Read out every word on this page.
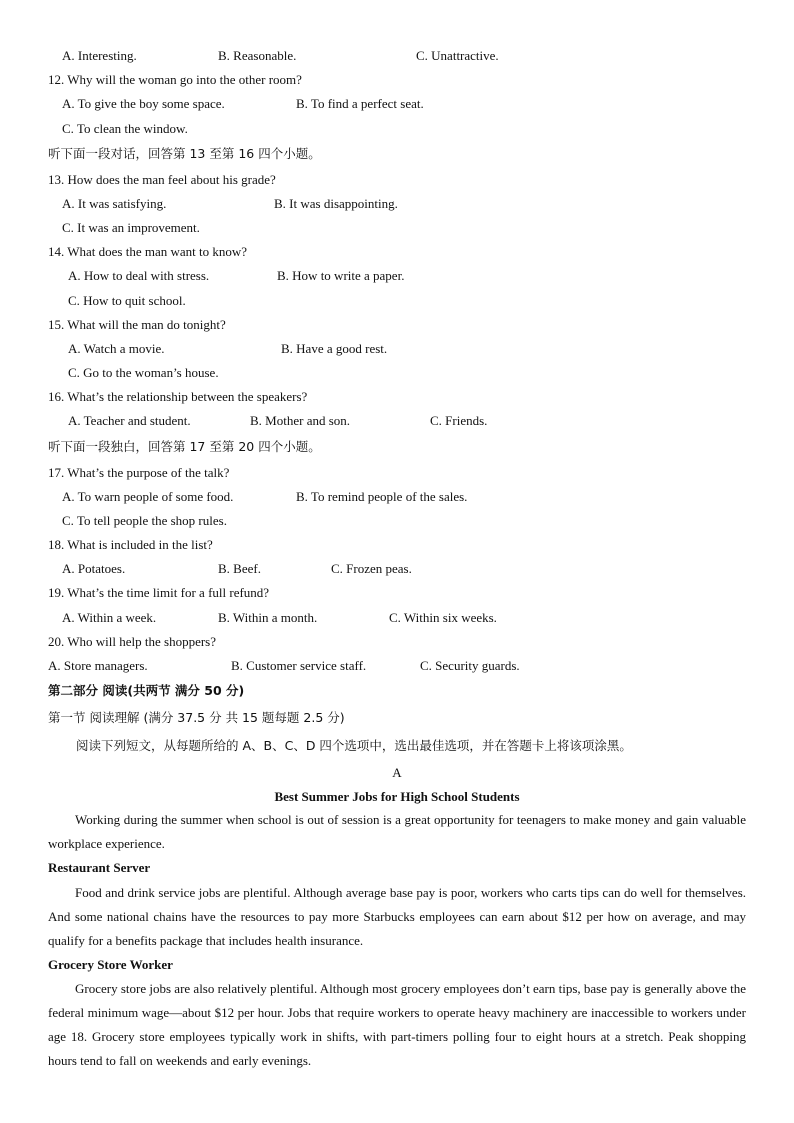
A. Interesting.	B. Reasonable.	C. Unattractive.
12. Why will the woman go into the other room?
A. To give the boy some space.	B. To find a perfect seat.
C. To clean the window.
听下面一段对话，回答第 13 至第 16 四个小题。
13. How does the man feel about his grade?
A. It was satisfying.	B. It was disappointing.
C. It was an improvement.
14. What does the man want to know?
A. How to deal with stress.	B. How to write a paper.
C. How to quit school.
15. What will the man do tonight?
A. Watch a movie.	B. Have a good rest.
C. Go to the woman’s house.
16. What’s the relationship between the speakers?
A. Teacher and student.	B. Mother and son.	C. Friends.
听下面一段独白，回答第 17 至第 20 四个小题。
17. What’s the purpose of the talk?
A. To warn people of some food.	B. To remind people of the sales.
C. To tell people the shop rules.
18. What is included in the list?
A. Potatoes.	B. Beef.	C. Frozen peas.
19. What’s the time limit for a full refund?
A. Within a week.	B. Within a month.	C. Within six weeks.
20. Who will help the shoppers?
A. Store managers.	B. Customer service staff.	C. Security guards.
第二部分 阅读(共两节 满分 50 分)
第一节 阅读理解 (满分 37.5 分 共 15 题每题 2.5 分)
阅读下列短文，从每题所给的 A、B、C、D 四个选项中，选出最佳选项，并在答题卡上将该项涂黑。
A
Best Summer Jobs for High School Students
Working during the summer when school is out of session is a great opportunity for teenagers to make money and gain valuable workplace experience.
Restaurant Server
Food and drink service jobs are plentiful. Although average base pay is poor, workers who carts tips can do well for themselves. And some national chains have the resources to pay more Starbucks employees can earn about $12 per how on average, and may qualify for a benefits package that includes health insurance.
Grocery Store Worker
Grocery store jobs are also relatively plentiful. Although most grocery employees don’t earn tips, base pay is generally above the federal minimum wage—about $12 per hour. Jobs that require workers to operate heavy machinery are inaccessible to workers under age 18. Grocery store employees typically work in shifts, with part-timers polling four to eight hours at a stretch. Peak shopping hours tend to fall on weekends and early evenings.
